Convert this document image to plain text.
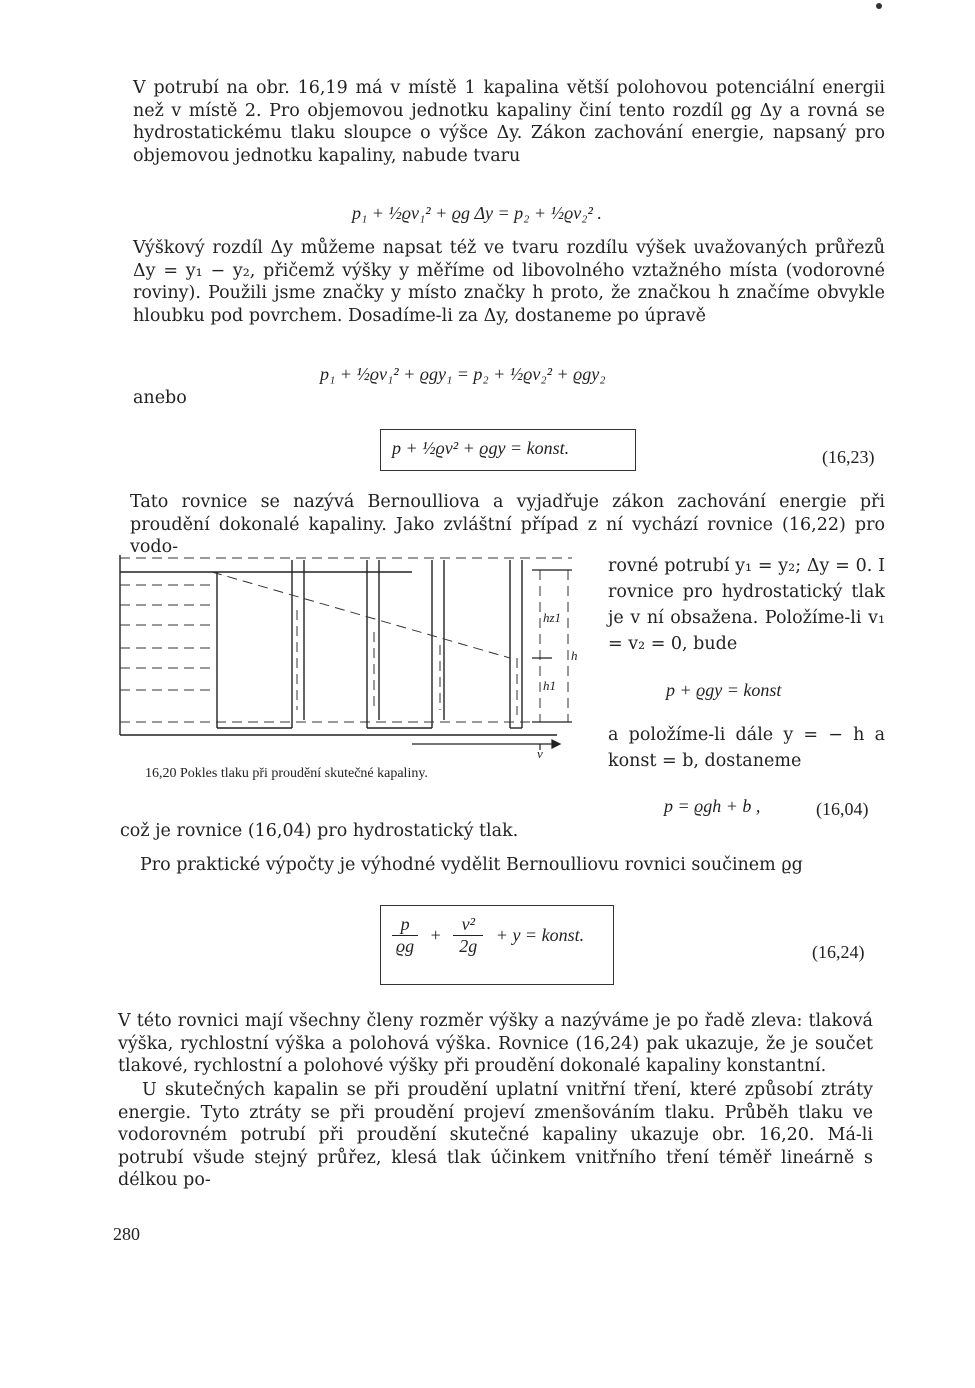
V potrubí na obr. 16,19 má v místě 1 kapalina větší polohovou potenciální energii než v místě 2. Pro objemovou jednotku kapaliny činí tento rozdíl ϱg Δy a rovná se hydrostatickému tlaku sloupce o výšce Δy. Zákon zachování energie, napsaný pro objemovou jednotku kapaliny, nabude tvaru

p₁ + ½ϱv₁² + ϱg Δy = p₂ + ½ϱv₂² .

Výškový rozdíl Δy můžeme napsat též ve tvaru rozdílu výšek uvažovaných průřezů Δy = y₁ − y₂, přičemž výšky y měříme od libovolného vztažného místa (vodorovné roviny). Použili jsme značky y místo značky h proto, že značkou h značíme obvykle hloubku pod povrchem. Dosadíme-li za Δy, dostaneme po úpravě

p₁ + ½ϱv₁² + ϱgy₁ = p₂ + ½ϱv₂² + ϱgy₂
anebo
p + ½ϱv² + ϱgy = konst.	(16,23)

Tato rovnice se nazývá Bernoulliova a vyjadřuje zákon zachování energie při proudění dokonalé kapaliny. Jako zvláštní případ z ní vychází rovnice (16,22) pro vodo-

hz1
h
h1
v
rovné potrubí y₁ = y₂; Δy = 0. I rovnice pro hydrostatický tlak je v ní obsažena. Položíme-li v₁ = v₂ = 0, bude
p + ϱgy = konst
a položíme-li dále y = − h a konst = b, dostaneme
16,20 Pokles tlaku při proudění skutečné kapaliny.
p = ϱgh + b ,	(16,04)

což je rovnice (16,04) pro hydrostatický tlak.

Pro praktické výpočty je výhodné vydělit Bernoulliovu rovnici součinem ϱg

$\frac{p}{ϱg} + \frac{\text{v²}}{2g} + y$ = konst.
(16,24)

V této rovnici mají všechny členy rozměr výšky a nazýváme je po řadě zleva: tlaková výška, rychlostní výška a polohová výška. Rovnice (16,24) pak ukazuje, že je součet tlakové, rychlostní a polohové výšky při proudění dokonalé kapaliny konstantní.

U skutečných kapalin se při proudění uplatní vnitřní tření, které způsobí ztráty energie. Tyto ztráty se při proudění projeví zmenšováním tlaku. Průběh tlaku ve vodorovném potrubí při proudění skutečné kapaliny ukazuje obr. 16,20. Má-li potrubí všude stejný průřez, klesá tlak účinkem vnitřního tření téměř lineárně s délkou po-

280
